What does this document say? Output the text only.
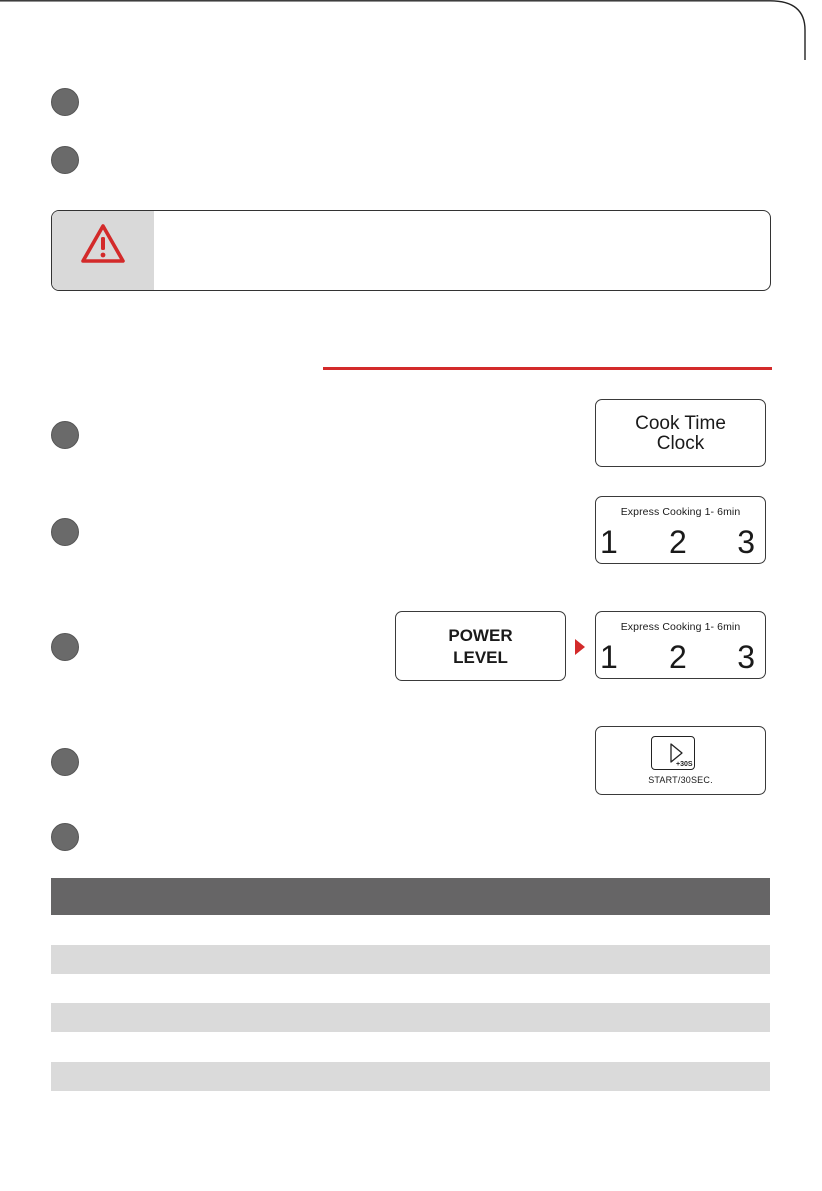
Cook Time
Clock
Express Cooking 1- 6min
1 2 3
POWER
LEVEL
Express Cooking 1- 6min
1 2 3
+30S
START/30SEC.
